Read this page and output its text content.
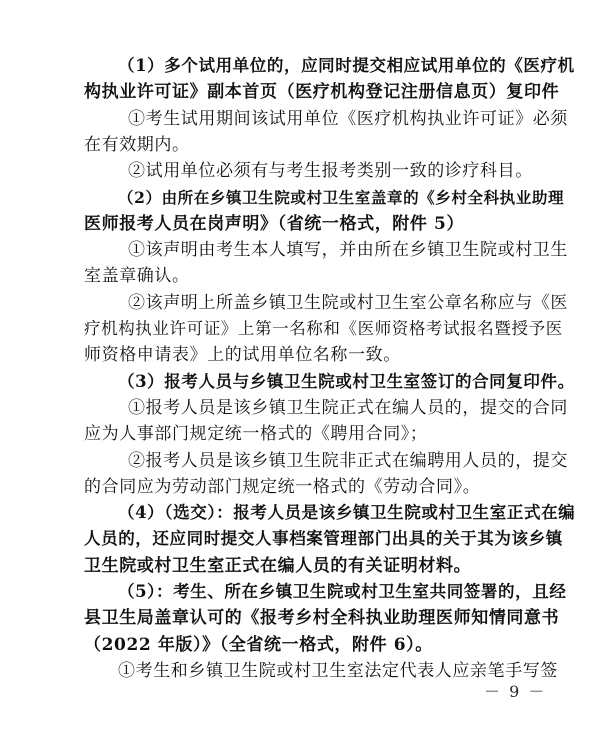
（1）多个试用单位的，应同时提交相应试用单位的《医疗机
构执业许可证》副本首页（医疗机构登记注册信息页）复印件
①考生试用期间该试用单位《医疗机构执业许可证》必须
在有效期内。
②试用单位必须有与考生报考类别一致的诊疗科目。
（2）由所在乡镇卫生院或村卫生室盖章的《乡村全科执业助理
医师报考人员在岗声明》（省统一格式，附件 5）
①该声明由考生本人填写，并由所在乡镇卫生院或村卫生
室盖章确认。
②该声明上所盖乡镇卫生院或村卫生室公章名称应与《医
疗机构执业许可证》上第一名称和《医师资格考试报名暨授予医
师资格申请表》上的试用单位名称一致。
（3）报考人员与乡镇卫生院或村卫生室签订的合同复印件。
①报考人员是该乡镇卫生院正式在编人员的，提交的合同
应为人事部门规定统一格式的《聘用合同》；
②报考人员是该乡镇卫生院非正式在编聘用人员的，提交
的合同应为劳动部门规定统一格式的《劳动合同》。
（4）（选交）：报考人员是该乡镇卫生院或村卫生室正式在编
人员的，还应同时提交人事档案管理部门出具的关于其为该乡镇
卫生院或村卫生室正式在编人员的有关证明材料。
（5）：考生、所在乡镇卫生院或村卫生室共同签署的，且经
县卫生局盖章认可的《报考乡村全科执业助理医师知情同意书
（2022 年版）》（全省统一格式，附件 6）。
①考生和乡镇卫生院或村卫生室法定代表人应亲笔手写签
－ 9 －
